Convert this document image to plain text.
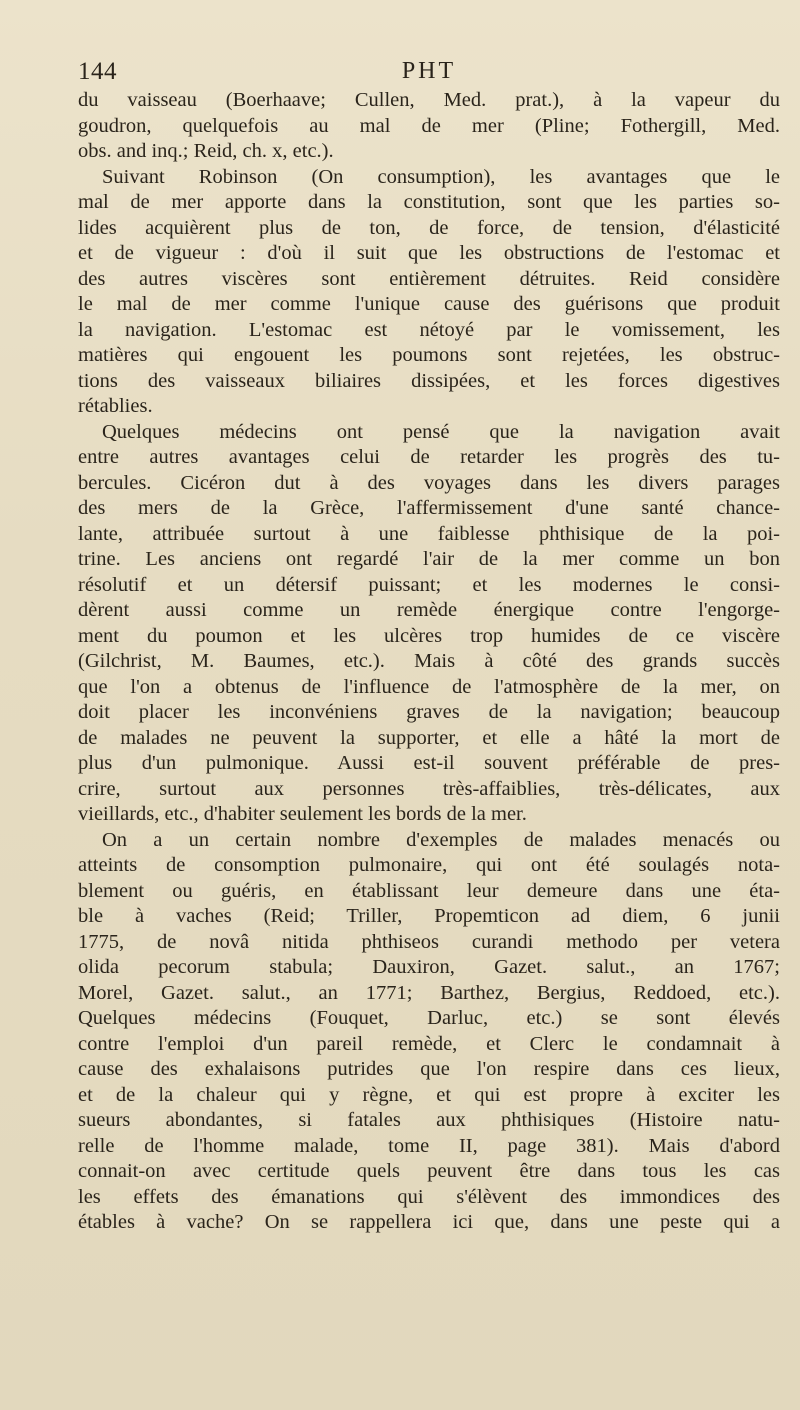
144	PHT
du vaisseau (Boerhaave; Cullen, Med. prat.), à la vapeur du
goudron, quelquefois au mal de mer (Pline; Fothergill, Med.
obs. and inq.; Reid, ch. x, etc.).
Suivant Robinson (On consumption), les avantages que le
mal de mer apporte dans la constitution, sont que les parties so-
lides acquièrent plus de ton, de force, de tension, d'élasticité
et de vigueur : d'où il suit que les obstructions de l'estomac et
des autres viscères sont entièrement détruites. Reid considère
le mal de mer comme l'unique cause des guérisons que produit
la navigation. L'estomac est nétoyé par le vomissement, les
matières qui engouent les poumons sont rejetées, les obstruc-
tions des vaisseaux biliaires dissipées, et les forces digestives
rétablies.
Quelques médecins ont pensé que la navigation avait
entre autres avantages celui de retarder les progrès des tu-
bercules. Cicéron dut à des voyages dans les divers parages
des mers de la Grèce, l'affermissement d'une santé chance-
lante, attribuée surtout à une faiblesse phthisique de la poi-
trine. Les anciens ont regardé l'air de la mer comme un bon
résolutif et un détersif puissant; et les modernes le consi-
dèrent aussi comme un remède énergique contre l'engorge-
ment du poumon et les ulcères trop humides de ce viscère
(Gilchrist, M. Baumes, etc.). Mais à côté des grands succès
que l'on a obtenus de l'influence de l'atmosphère de la mer, on
doit placer les inconvéniens graves de la navigation; beaucoup
de malades ne peuvent la supporter, et elle a hâté la mort de
plus d'un pulmonique. Aussi est-il souvent préférable de pres-
crire, surtout aux personnes très-affaiblies, très-délicates, aux
vieillards, etc., d'habiter seulement les bords de la mer.
On a un certain nombre d'exemples de malades menacés ou
atteints de consomption pulmonaire, qui ont été soulagés nota-
blement ou guéris, en établissant leur demeure dans une éta-
ble à vaches (Reid; Triller, Propemticon ad diem, 6 junii
1775, de novâ nitida phthiseos curandi methodo per vetera
olida pecorum stabula; Dauxiron, Gazet. salut., an 1767;
Morel, Gazet. salut., an 1771; Barthez, Bergius, Reddoed, etc.).
Quelques médecins (Fouquet, Darluc, etc.) se sont élevés
contre l'emploi d'un pareil remède, et Clerc le condamnait à
cause des exhalaisons putrides que l'on respire dans ces lieux,
et de la chaleur qui y règne, et qui est propre à exciter les
sueurs abondantes, si fatales aux phthisiques (Histoire natu-
relle de l'homme malade, tome II, page 381). Mais d'abord
connait-on avec certitude quels peuvent être dans tous les cas
les effets des émanations qui s'élèvent des immondices des
étables à vache? On se rappellera ici que, dans une peste qui a
